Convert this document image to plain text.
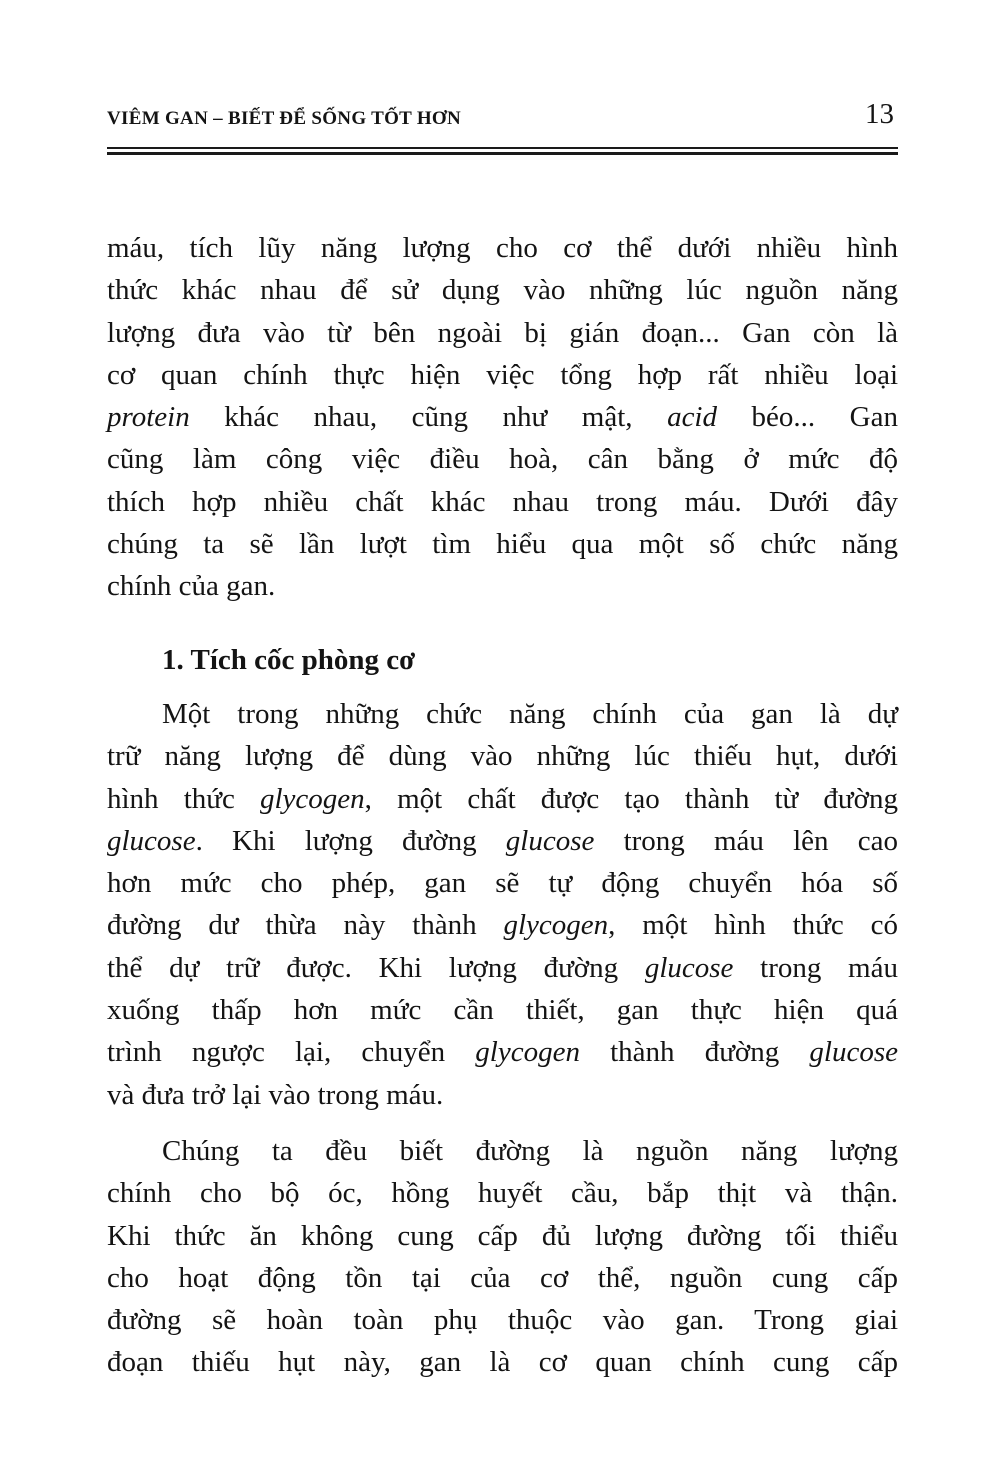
VIÊM GAN – BIẾT ĐỂ SỐNG TỐT HƠN	13
máu, tích lũy năng lượng cho cơ thể dưới nhiều hình
thức khác nhau để sử dụng vào những lúc nguồn năng
lượng đưa vào từ bên ngoài bị gián đoạn... Gan còn là
cơ quan chính thực hiện việc tổng hợp rất nhiều loại
protein khác nhau, cũng như mật, acid béo... Gan
cũng làm công việc điều hoà, cân bằng ở mức độ
thích hợp nhiều chất khác nhau trong máu. Dưới đây
chúng ta sẽ lần lượt tìm hiểu qua một số chức năng
chính của gan.
1. Tích cốc phòng cơ
Một trong những chức năng chính của gan là dự
trữ năng lượng để dùng vào những lúc thiếu hụt, dưới
hình thức glycogen, một chất được tạo thành từ đường
glucose. Khi lượng đường glucose trong máu lên cao
hơn mức cho phép, gan sẽ tự động chuyển hóa số
đường dư thừa này thành glycogen, một hình thức có
thể dự trữ được. Khi lượng đường glucose trong máu
xuống thấp hơn mức cần thiết, gan thực hiện quá
trình ngược lại, chuyển glycogen thành đường glucose
và đưa trở lại vào trong máu.
Chúng ta đều biết đường là nguồn năng lượng
chính cho bộ óc, hồng huyết cầu, bắp thịt và thận.
Khi thức ăn không cung cấp đủ lượng đường tối thiểu
cho hoạt động tồn tại của cơ thể, nguồn cung cấp
đường sẽ hoàn toàn phụ thuộc vào gan. Trong giai
đoạn thiếu hụt này, gan là cơ quan chính cung cấp
